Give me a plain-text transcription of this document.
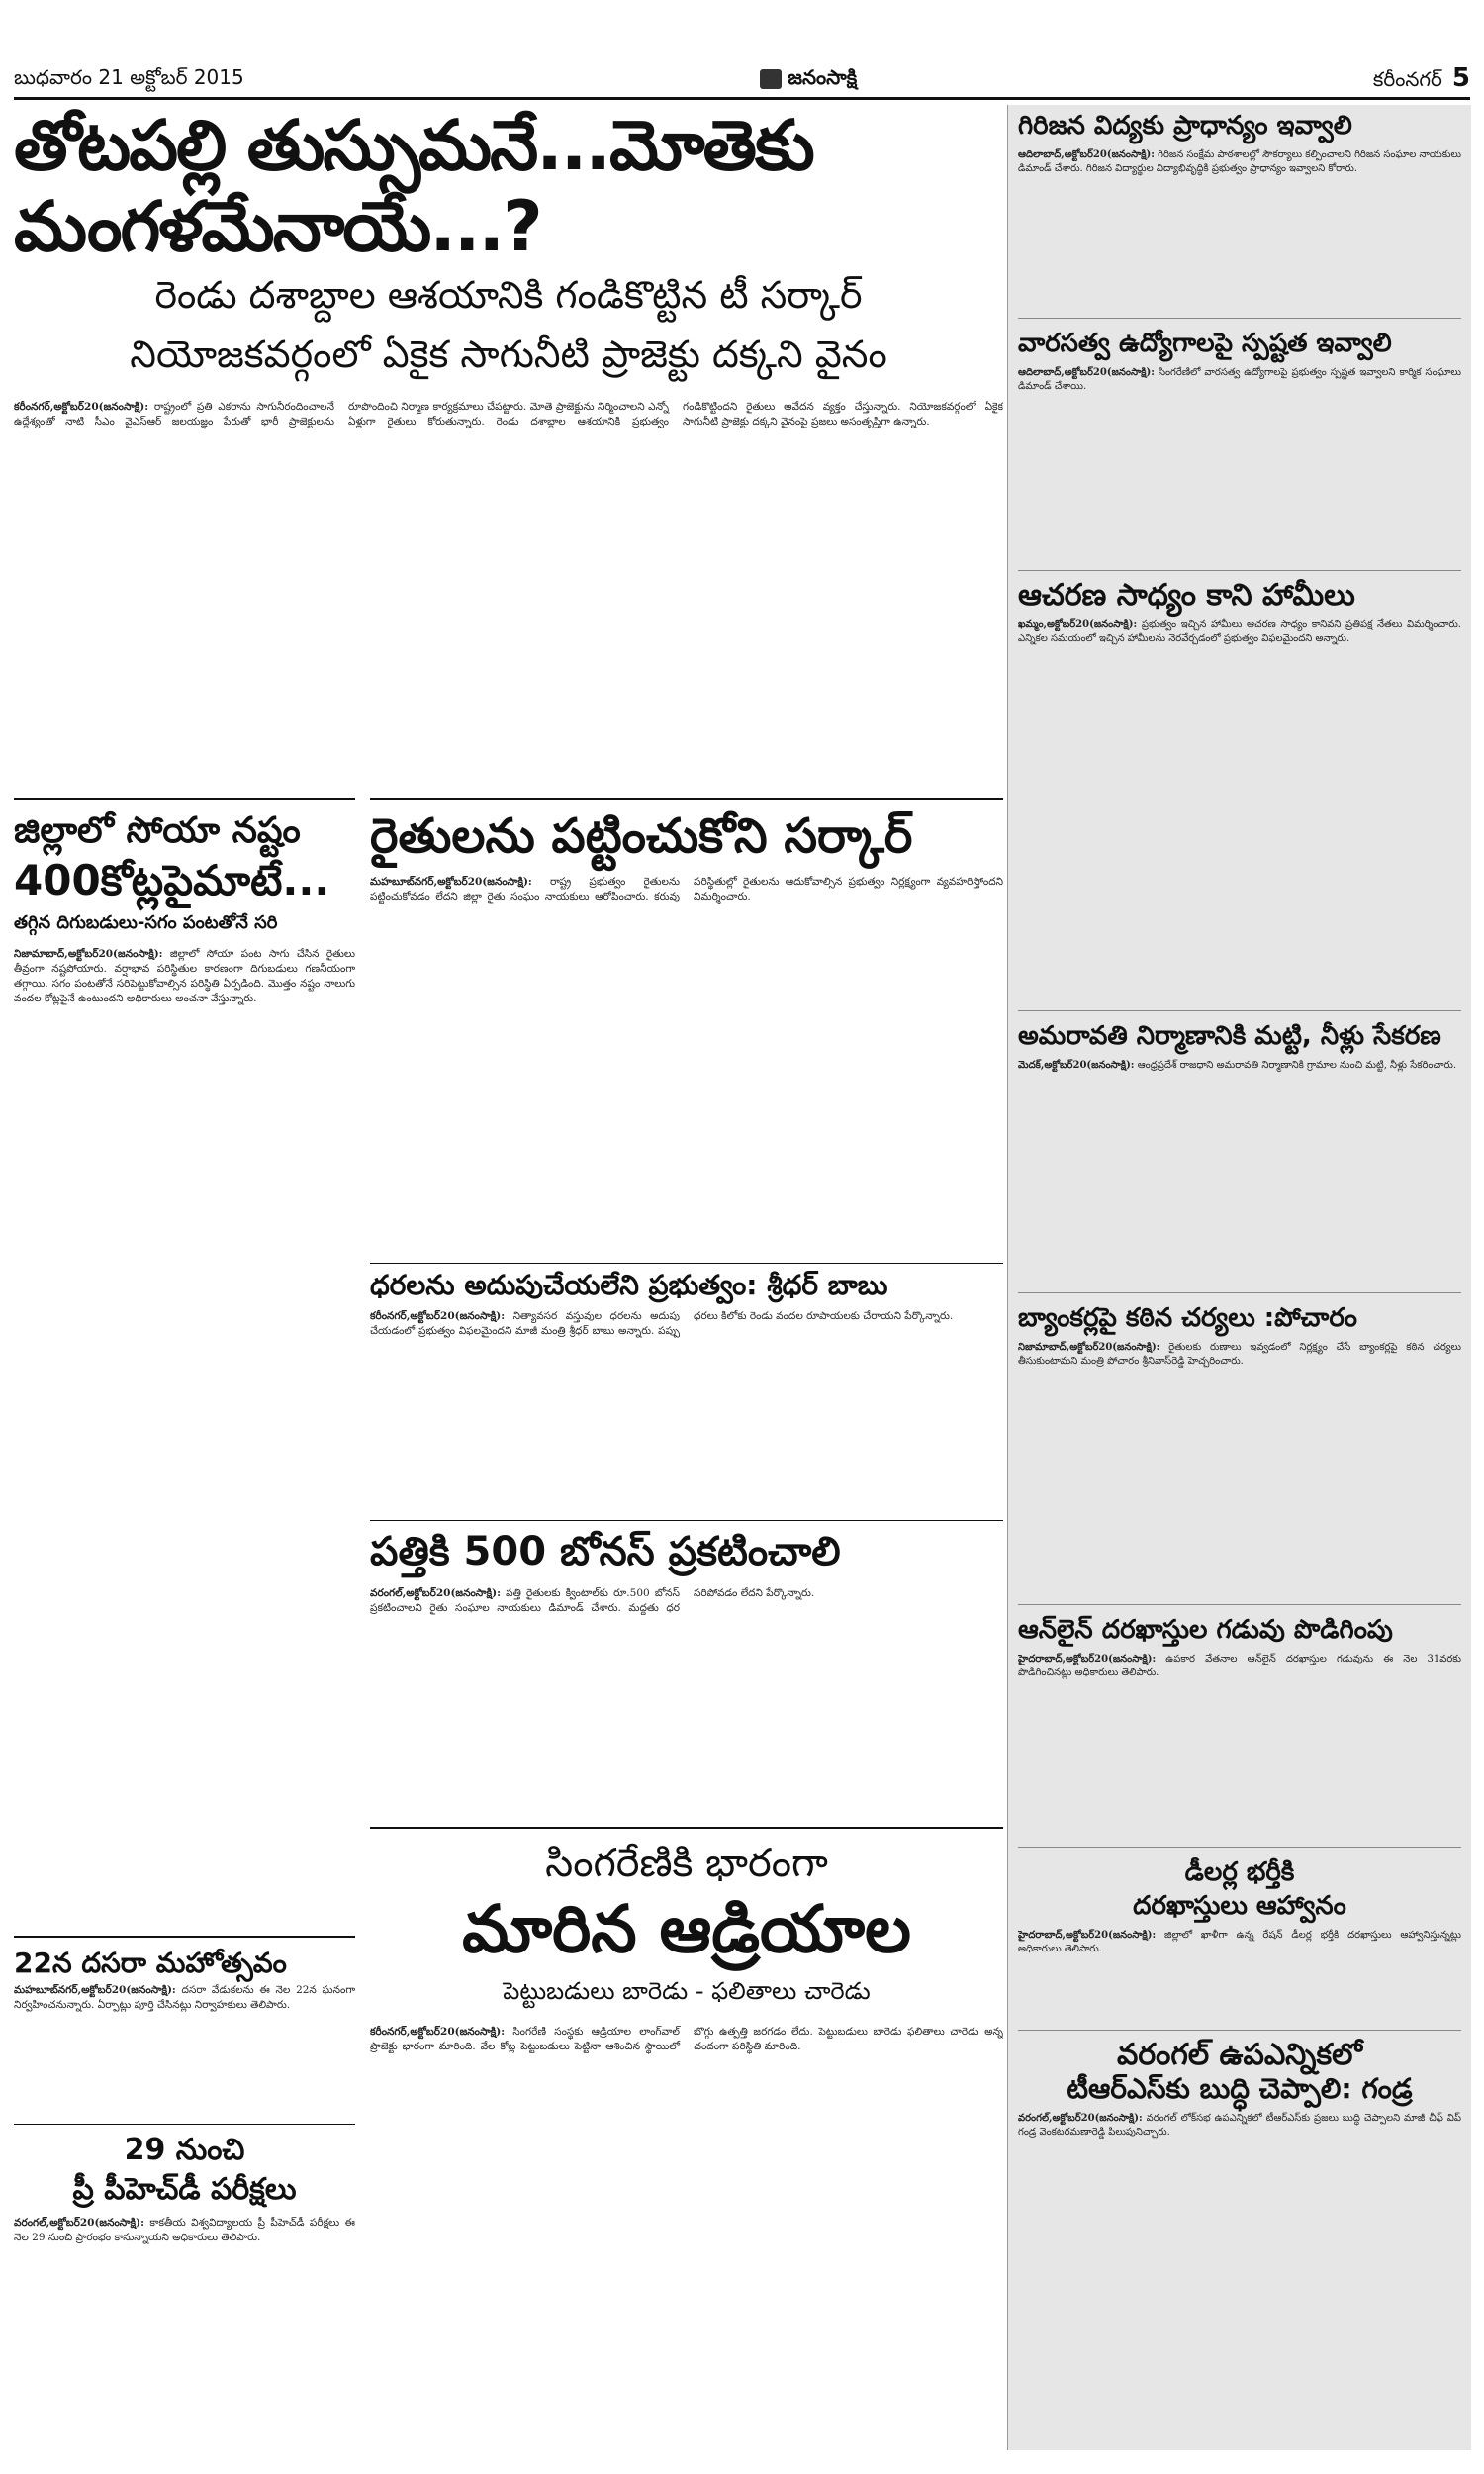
బుధవారం 21 అక్టోబర్ 2015	జనంసాక్షి	కరీంనగర్ 5
తోటపల్లి తుస్సుమనే...మోతెకు మంగళమేనాయే...?
రెండు దశాబ్దాల ఆశయానికి గండికొట్టిన టీ సర్కార్
నియోజకవర్గంలో ఏకైక సాగునీటి ప్రాజెక్టు దక్కని వైనం
కరీంనగర్,అక్టోబర్20(జనంసాక్షి): రాష్ట్రంలో ప్రతి ఎకరాను సాగునీరందించాలనే ఉద్దేశ్యంతో నాటి సీఎం వైఎస్ఆర్ జలయజ్ఞం పేరుతో భారీ ప్రాజెక్టులను రూపొందించి నిర్మాణ కార్యక్రమాలు చేపట్టారు. మోతె ప్రాజెక్టును నిర్మించాలని ఎన్నో ఏళ్లుగా రైతులు కోరుతున్నారు. రెండు దశాబ్దాల ఆశయానికి ప్రభుత్వం గండికొట్టిందని రైతులు ఆవేదన వ్యక్తం చేస్తున్నారు. నియోజకవర్గంలో ఏకైక సాగునీటి ప్రాజెక్టు దక్కని వైనంపై ప్రజలు అసంతృప్తిగా ఉన్నారు.
జిల్లాలో సోయా నష్టం
400కోట్లపైమాటే...
తగ్గిన దిగుబడులు-సగం పంటతోనే సరి
నిజామాబాద్,అక్టోబర్20(జనంసాక్షి): జిల్లాలో సోయా పంట సాగు చేసిన రైతులు తీవ్రంగా నష్టపోయారు. వర్షాభావ పరిస్థితుల కారణంగా దిగుబడులు గణనీయంగా తగ్గాయి. సగం పంటతోనే సరిపెట్టుకోవాల్సిన పరిస్థితి ఏర్పడింది. మొత్తం నష్టం నాలుగు వందల కోట్లపైనే ఉంటుందని అధికారులు అంచనా వేస్తున్నారు.
రైతులను పట్టించుకోని సర్కార్
మహబూబ్‌నగర్,అక్టోబర్20(జనంసాక్షి): రాష్ట్ర ప్రభుత్వం రైతులను పట్టించుకోవడం లేదని జిల్లా రైతు సంఘం నాయకులు ఆరోపించారు. కరువు పరిస్థితుల్లో రైతులను ఆదుకోవాల్సిన ప్రభుత్వం నిర్లక్ష్యంగా వ్యవహరిస్తోందని విమర్శించారు.
ధరలను అదుపుచేయలేని ప్రభుత్వం: శ్రీధర్ బాబు
కరీంనగర్,అక్టోబర్20(జనంసాక్షి): నిత్యావసర వస్తువుల ధరలను అదుపు చేయడంలో ప్రభుత్వం విఫలమైందని మాజీ మంత్రి శ్రీధర్ బాబు అన్నారు. పప్పు ధరలు కిలోకు రెండు వందల రూపాయలకు చేరాయని పేర్కొన్నారు.
పత్తికి 500 బోనస్ ప్రకటించాలి
వరంగల్,అక్టోబర్20(జనంసాక్షి): పత్తి రైతులకు క్వింటాల్‌కు రూ.500 బోనస్ ప్రకటించాలని రైతు సంఘాల నాయకులు డిమాండ్ చేశారు. మద్దతు ధర సరిపోవడం లేదని పేర్కొన్నారు.
సింగరేణికి భారంగా
మారిన ఆడ్రియాల
పెట్టుబడులు బారెడు - ఫలితాలు చారెడు
కరీంనగర్,అక్టోబర్20(జనంసాక్షి): సింగరేణి సంస్థకు ఆడ్రియాల లాంగ్‌వాల్ ప్రాజెక్టు భారంగా మారింది. వేల కోట్ల పెట్టుబడులు పెట్టినా ఆశించిన స్థాయిలో బొగ్గు ఉత్పత్తి జరగడం లేదు. పెట్టుబడులు బారెడు ఫలితాలు చారెడు అన్న చందంగా పరిస్థితి మారింది.
22న దసరా మహోత్సవం
మహబూబ్‌నగర్,అక్టోబర్20(జనంసాక్షి): దసరా వేడుకలను ఈ నెల 22న ఘనంగా నిర్వహించనున్నారు. ఏర్పాట్లు పూర్తి చేసినట్లు నిర్వాహకులు తెలిపారు.
29 నుంచి
ప్రీ పీహెచ్‌డీ పరీక్షలు
వరంగల్,అక్టోబర్20(జనంసాక్షి): కాకతీయ విశ్వవిద్యాలయ ప్రీ పీహెచ్‌డీ పరీక్షలు ఈ నెల 29 నుంచి ప్రారంభం కానున్నాయని అధికారులు తెలిపారు.
గిరిజన విద్యకు ప్రాధాన్యం ఇవ్వాలి
ఆదిలాబాద్,అక్టోబర్20(జనంసాక్షి): గిరిజన సంక్షేమ పాఠశాలల్లో సౌకర్యాలు కల్పించాలని గిరిజన సంఘాల నాయకులు డిమాండ్ చేశారు. గిరిజన విద్యార్థుల విద్యాభివృద్ధికి ప్రభుత్వం ప్రాధాన్యం ఇవ్వాలని కోరారు.
వారసత్వ ఉద్యోగాలపై స్పష్టత ఇవ్వాలి
ఆదిలాబాద్,అక్టోబర్20(జనంసాక్షి): సింగరేణిలో వారసత్వ ఉద్యోగాలపై ప్రభుత్వం స్పష్టత ఇవ్వాలని కార్మిక సంఘాలు డిమాండ్ చేశాయి.
ఆచరణ సాధ్యం కాని హామీలు
ఖమ్మం,అక్టోబర్20(జనంసాక్షి): ప్రభుత్వం ఇచ్చిన హామీలు ఆచరణ సాధ్యం కానివని ప్రతిపక్ష నేతలు విమర్శించారు. ఎన్నికల సమయంలో ఇచ్చిన హామీలను నెరవేర్చడంలో ప్రభుత్వం విఫలమైందని అన్నారు.
అమరావతి నిర్మాణానికి మట్టి, నీళ్లు సేకరణ
మెదక్,అక్టోబర్20(జనంసాక్షి): ఆంధ్రప్రదేశ్ రాజధాని అమరావతి నిర్మాణానికి గ్రామాల నుంచి మట్టి, నీళ్లు సేకరించారు.
బ్యాంకర్లపై కఠిన చర్యలు :పోచారం
నిజామాబాద్,అక్టోబర్20(జనంసాక్షి): రైతులకు రుణాలు ఇవ్వడంలో నిర్లక్ష్యం చేసే బ్యాంకర్లపై కఠిన చర్యలు తీసుకుంటామని మంత్రి పోచారం శ్రీనివాస్‌రెడ్డి హెచ్చరించారు.
ఆన్‌లైన్ దరఖాస్తుల గడువు పొడిగింపు
హైదరాబాద్,అక్టోబర్20(జనంసాక్షి): ఉపకార వేతనాల ఆన్‌లైన్ దరఖాస్తుల గడువును ఈ నెల 31వరకు పొడిగించినట్లు అధికారులు తెలిపారు.
డీలర్ల భర్తీకి
దరఖాస్తులు ఆహ్వానం
హైదరాబాద్,అక్టోబర్20(జనంసాక్షి): జిల్లాలో ఖాళీగా ఉన్న రేషన్ డీలర్ల భర్తీకి దరఖాస్తులు ఆహ్వానిస్తున్నట్లు అధికారులు తెలిపారు.
వరంగల్ ఉపఎన్నికలో
టీఆర్ఎస్‌కు బుద్ధి చెప్పాలి: గండ్ర
వరంగల్,అక్టోబర్20(జనంసాక్షి): వరంగల్ లోక్‌సభ ఉపఎన్నికలో టీఆర్ఎస్‌కు ప్రజలు బుద్ధి చెప్పాలని మాజీ చీఫ్ విప్ గండ్ర వెంకటరమణారెడ్డి పిలుపునిచ్చారు.
